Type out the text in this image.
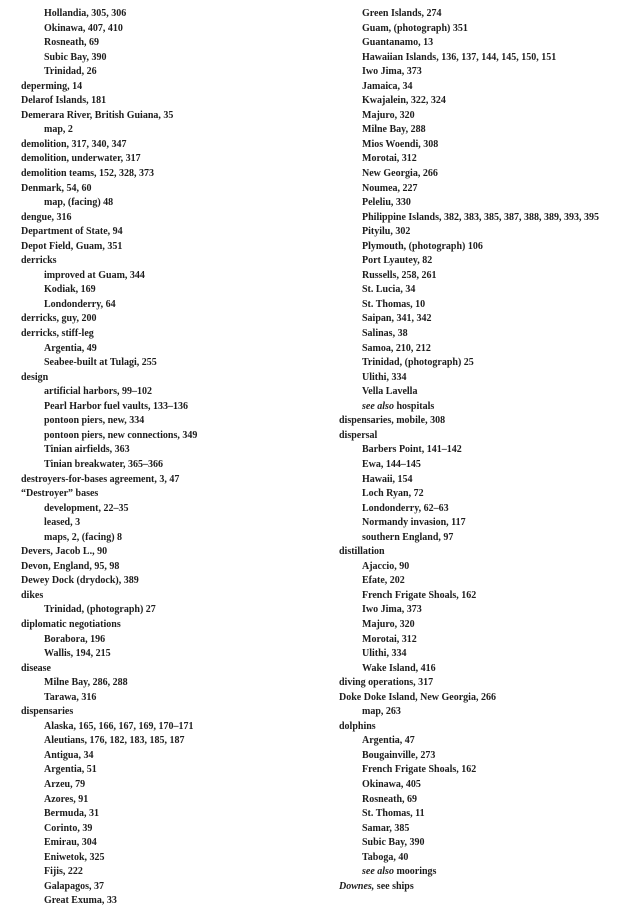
Hollandia, 305, 306
Okinawa, 407, 410
Rosneath, 69
Subic Bay, 390
Trinidad, 26
deperming, 14
Delarof Islands, 181
Demerara River, British Guiana, 35
map, 2
demolition, 317, 340, 347
demolition, underwater, 317
demolition teams, 152, 328, 373
Denmark, 54, 60
map, (facing) 48
dengue, 316
Department of State, 94
Depot Field, Guam, 351
derricks
improved at Guam, 344
Kodiak, 169
Londonderry, 64
derricks, guy, 200
derricks, stiff-leg
Argentia, 49
Seabee-built at Tulagi, 255
design
artificial harbors, 99–102
Pearl Harbor fuel vaults, 133–136
pontoon piers, new, 334
pontoon piers, new connections, 349
Tinian airfields, 363
Tinian breakwater, 365–366
destroyers-for-bases agreement, 3, 47
“Destroyer” bases
development, 22–35
leased, 3
maps, 2, (facing) 8
Devers, Jacob L., 90
Devon, England, 95, 98
Dewey Dock (drydock), 389
dikes
Trinidad, (photograph) 27
diplomatic negotiations
Borabora, 196
Wallis, 194, 215
disease
Milne Bay, 286, 288
Tarawa, 316
dispensaries
Alaska, 165, 166, 167, 169, 170–171
Aleutians, 176, 182, 183, 185, 187
Antigua, 34
Argentia, 51
Arzeu, 79
Azores, 91
Bermuda, 31
Corinto, 39
Emirau, 304
Eniwetok, 325
Fijis, 222
Galapagos, 37
Great Exuma, 33
Green Islands, 274
Guam, (photograph) 351
Guantanamo, 13
Hawaiian Islands, 136, 137, 144, 145, 150, 151
Iwo Jima, 373
Jamaica, 34
Kwajalein, 322, 324
Majuro, 320
Milne Bay, 288
Mios Woendi, 308
Morotai, 312
New Georgia, 266
Noumea, 227
Peleliu, 330
Philippine Islands, 382, 383, 385, 387, 388, 389, 393, 395
Pityilu, 302
Plymouth, (photograph) 106
Port Lyautey, 82
Russells, 258, 261
St. Lucia, 34
St. Thomas, 10
Saipan, 341, 342
Salinas, 38
Samoa, 210, 212
Trinidad, (photograph) 25
Ulithi, 334
Vella Lavella
see also hospitals
dispensaries, mobile, 308
dispersal
Barbers Point, 141–142
Ewa, 144–145
Hawaii, 154
Loch Ryan, 72
Londonderry, 62–63
Normandy invasion, 117
southern England, 97
distillation
Ajaccio, 90
Efate, 202
French Frigate Shoals, 162
Iwo Jima, 373
Majuro, 320
Morotai, 312
Ulithi, 334
Wake Island, 416
diving operations, 317
Doke Doke Island, New Georgia, 266
map, 263
dolphins
Argentia, 47
Bougainville, 273
French Frigate Shoals, 162
Okinawa, 405
Rosneath, 69
St. Thomas, 11
Samar, 385
Subic Bay, 390
Taboga, 40
see also moorings
Downes, see ships
